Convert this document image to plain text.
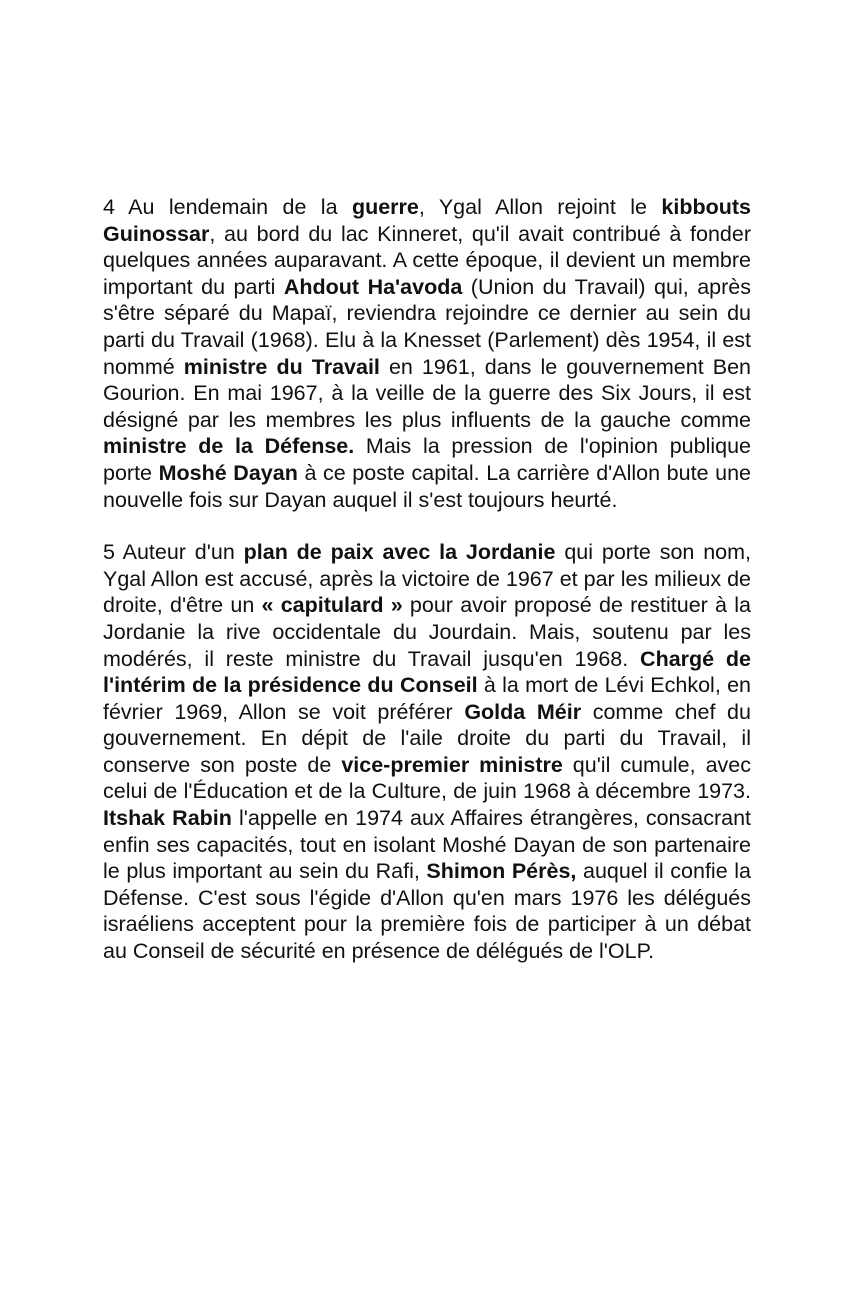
4 Au lendemain de la guerre, Ygal Allon rejoint le kibbouts Guinossar, au bord du lac Kinneret, qu'il avait contribué à fonder quelques années auparavant. A cette époque, il devient un membre important du parti Ahdout Ha'avoda (Union du Travail) qui, après s'être séparé du Mapaï, reviendra rejoindre ce dernier au sein du parti du Travail (1968). Elu à la Knesset (Parlement) dès 1954, il est nommé ministre du Travail en 1961, dans le gouvernement Ben Gourion. En mai 1967, à la veille de la guerre des Six Jours, il est désigné par les membres les plus influents de la gauche comme ministre de la Défense. Mais la pression de l'opinion publique porte Moshé Dayan à ce poste capital. La carrière d'Allon bute une nouvelle fois sur Dayan auquel il s'est toujours heurté.

5 Auteur d'un plan de paix avec la Jordanie qui porte son nom, Ygal Allon est accusé, après la victoire de 1967 et par les milieux de droite, d'être un « capitulard » pour avoir proposé de restituer à la Jordanie la rive occidentale du Jourdain. Mais, soutenu par les modérés, il reste ministre du Travail jusqu'en 1968. Chargé de l'intérim de la présidence du Conseil à la mort de Lévi Echkol, en février 1969, Allon se voit préférer Golda Méir comme chef du gouvernement. En dépit de l'aile droite du parti du Travail, il conserve son poste de vice-premier ministre qu'il cumule, avec celui de l'Éducation et de la Culture, de juin 1968 à décembre 1973. Itshak Rabin l'appelle en 1974 aux Affaires étrangères, consacrant enfin ses capacités, tout en isolant Moshé Dayan de son partenaire le plus important au sein du Rafi, Shimon Pérès, auquel il confie la Défense. C'est sous l'égide d'Allon qu'en mars 1976 les délégués israéliens acceptent pour la première fois de participer à un débat au Conseil de sécurité en présence de délégués de l'OLP.
